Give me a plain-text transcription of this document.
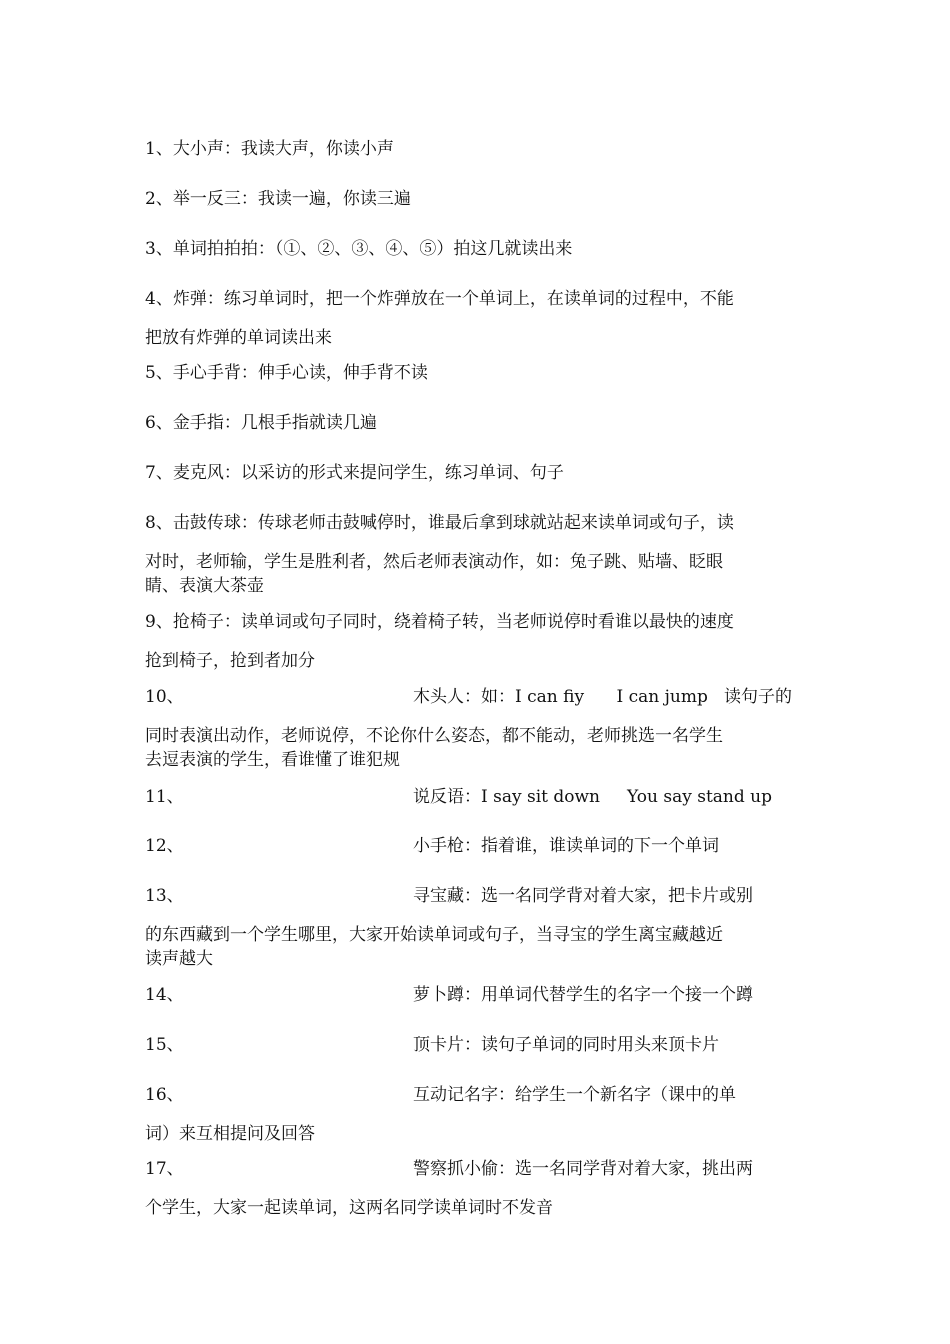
1、大小声：我读大声，你读小声
2、举一反三：我读一遍，你读三遍
3、单词拍拍拍：（①、②、③、④、⑤）拍这几就读出来
4、炸弹：练习单词时，把一个炸弹放在一个单词上，在读单词的过程中，不能
把放有炸弹的单词读出来
5、手心手背：伸手心读，伸手背不读
6、金手指：几根手指就读几遍
7、麦克风：以采访的形式来提问学生，练习单词、句子
8、击鼓传球：传球老师击鼓喊停时，谁最后拿到球就站起来读单词或句子，读
对时，老师输，学生是胜利者，然后老师表演动作，如：兔子跳、贴墙、眨眼
睛、表演大茶壶
9、抢椅子：读单词或句子同时，绕着椅子转，当老师说停时看谁以最快的速度
抢到椅子，抢到者加分
10、	木头人：如：I can fiy      I can jump   读句子的
同时表演出动作，老师说停，不论你什么姿态，都不能动，老师挑选一名学生
去逗表演的学生，看谁懂了谁犯规
11、	说反语：I say sit down     You say stand up
12、	小手枪：指着谁，谁读单词的下一个单词
13、	寻宝藏：选一名同学背对着大家，把卡片或别
的东西藏到一个学生哪里，大家开始读单词或句子，当寻宝的学生离宝藏越近
读声越大
14、	萝卜蹲：用单词代替学生的名字一个接一个蹲
15、	顶卡片：读句子单词的同时用头来顶卡片
16、	互动记名字：给学生一个新名字（课中的单
词）来互相提问及回答
17、	警察抓小偷：选一名同学背对着大家，挑出两
个学生，大家一起读单词，这两名同学读单词时不发音
